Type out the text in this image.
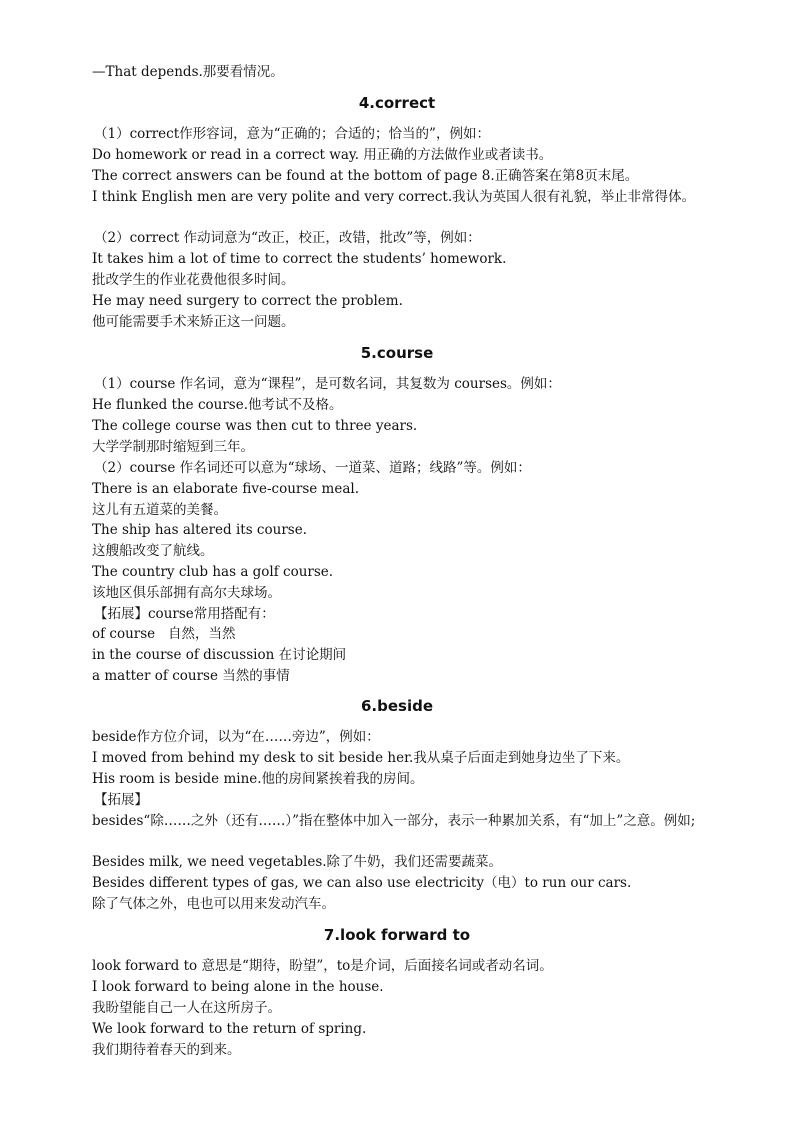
—That depends.那要看情况。
4.correct
（1）correct作形容词，意为“正确的；合适的；恰当的”，例如：
Do homework or read in a correct way. 用正确的方法做作业或者读书。
The correct answers can be found at the bottom of page 8.正确答案在第8页末尾。
I think English men are very polite and very correct.我认为英国人很有礼貌，举止非常得体。
（2）correct 作动词意为“改正，校正，改错，批改”等，例如：
It takes him a lot of time to correct the students’ homework.
批改学生的作业花费他很多时间。
He may need surgery to correct the problem.
他可能需要手术来矫正这一问题。
5.course
（1）course 作名词，意为“课程”，是可数名词，其复数为 courses。例如：
He flunked the course.他考试不及格。
The college course was then cut to three years.
大学学制那时缩短到三年。
（2）course 作名词还可以意为“球场、一道菜、道路；线路”等。例如：
There is an elaborate five-course meal.
这儿有五道菜的美餐。
The ship has altered its course.
这艘船改变了航线。
The country club has a golf course.
该地区俱乐部拥有高尔夫球场。
【拓展】course常用搭配有：
of course   自然，当然
in the course of discussion 在讨论期间
a matter of course 当然的事情
6.beside
beside作方位介词，以为“在……旁边”，例如：
I moved from behind my desk to sit beside her.我从桌子后面走到她身边坐了下来。
His room is beside mine.他的房间紧挨着我的房间。
【拓展】
besides“除……之外（还有……）”指在整体中加入一部分，表示一种累加关系，有“加上”之意。例如;
Besides milk, we need vegetables.除了牛奶，我们还需要蔬菜。
Besides different types of gas, we can also use electricity（电）to run our cars.
除了气体之外，电也可以用来发动汽车。
7.look forward to
look forward to 意思是“期待，盼望”，to是介词，后面接名词或者动名词。
I look forward to being alone in the house.
我盼望能自己一人在这所房子。
We look forward to the return of spring.
我们期待着春天的到来。
